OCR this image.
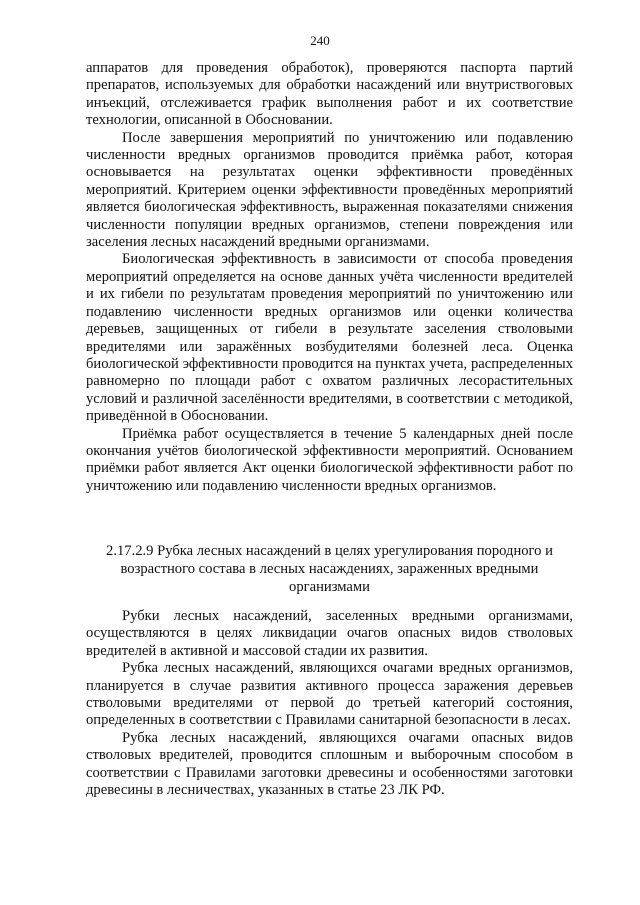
240

аппаратов для проведения обработок), проверяются паспорта партий препаратов, используемых для обработки насаждений или внутриствоговых инъекций, отслеживается график выполнения работ и их соответствие технологии, описанной в Обосновании.

После завершения мероприятий по уничтожению или подавлению численности вредных организмов проводится приёмка работ, которая основывается на результатах оценки эффективности проведённых мероприятий. Критерием оценки эффективности проведённых мероприятий является биологическая эффективность, выраженная показателями снижения численности популяции вредных организмов, степени повреждения или заселения лесных насаждений вредными организмами.

Биологическая эффективность в зависимости от способа проведения мероприятий определяется на основе данных учёта численности вредителей и их гибели по результатам проведения мероприятий по уничтожению или подавлению численности вредных организмов или оценки количества деревьев, защищенных от гибели в результате заселения стволовыми вредителями или заражённых возбудителями болезней леса. Оценка биологической эффективности проводится на пунктах учета, распределенных равномерно по площади работ с охватом различных лесорастительных условий и различной заселённости вредителями, в соответствии с методикой, приведённой в Обосновании.

Приёмка работ осуществляется в течение 5 календарных дней после окончания учётов биологической эффективности мероприятий. Основанием приёмки работ является Акт оценки биологической эффективности работ по уничтожению или подавлению численности вредных организмов.

2.17.2.9 Рубка лесных насаждений в целях урегулирования породного и возрастного состава в лесных насаждениях, зараженных вредными организмами

Рубки лесных насаждений, заселенных вредными организмами, осуществляются в целях ликвидации очагов опасных видов стволовых вредителей в активной и массовой стадии их развития.

Рубка лесных насаждений, являющихся очагами вредных организмов, планируется в случае развития активного процесса заражения деревьев стволовыми вредителями от первой до третьей категорий состояния, определенных в соответствии с Правилами санитарной безопасности в лесах.

Рубка лесных насаждений, являющихся очагами опасных видов стволовых вредителей, проводится сплошным и выборочным способом в соответствии с Правилами заготовки древесины и особенностями заготовки древесины в лесничествах, указанных в статье 23 ЛК РФ.
